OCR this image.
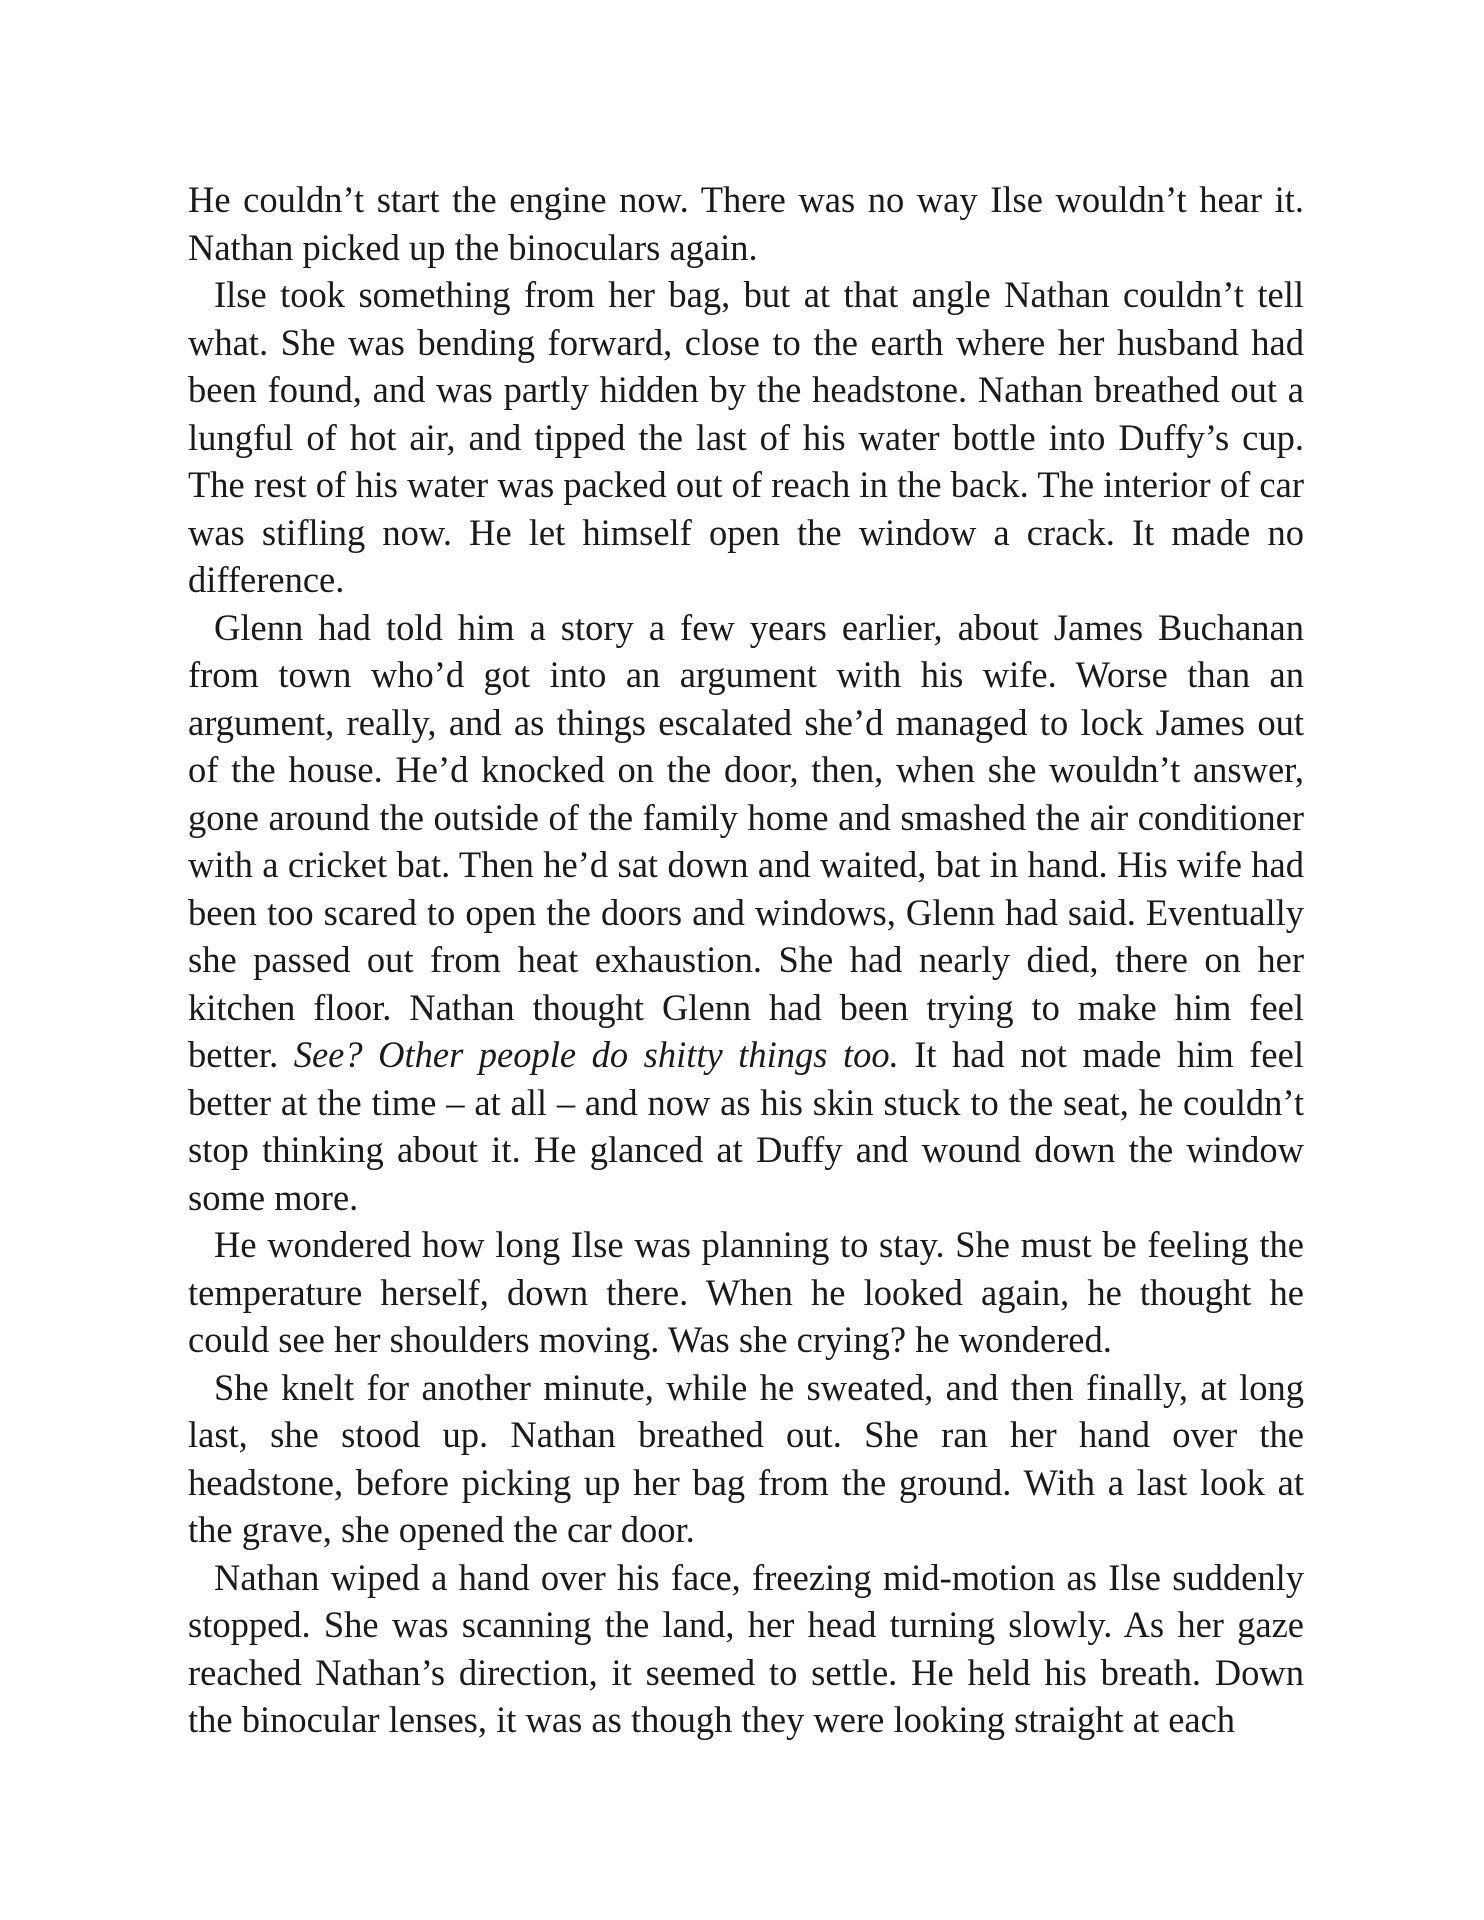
He couldn’t start the engine now. There was no way Ilse wouldn’t hear it. Nathan picked up the binoculars again.

Ilse took something from her bag, but at that angle Nathan couldn’t tell what. She was bending forward, close to the earth where her husband had been found, and was partly hidden by the headstone. Nathan breathed out a lungful of hot air, and tipped the last of his water bottle into Duffy’s cup. The rest of his water was packed out of reach in the back. The interior of car was stifling now. He let himself open the window a crack. It made no difference.

Glenn had told him a story a few years earlier, about James Buchanan from town who’d got into an argument with his wife. Worse than an argument, really, and as things escalated she’d managed to lock James out of the house. He’d knocked on the door, then, when she wouldn’t answer, gone around the outside of the family home and smashed the air conditioner with a cricket bat. Then he’d sat down and waited, bat in hand. His wife had been too scared to open the doors and windows, Glenn had said. Eventually she passed out from heat exhaustion. She had nearly died, there on her kitchen floor. Nathan thought Glenn had been trying to make him feel better. See? Other people do shitty things too. It had not made him feel better at the time – at all – and now as his skin stuck to the seat, he couldn’t stop thinking about it. He glanced at Duffy and wound down the window some more.

He wondered how long Ilse was planning to stay. She must be feeling the temperature herself, down there. When he looked again, he thought he could see her shoulders moving. Was she crying? he wondered.

She knelt for another minute, while he sweated, and then finally, at long last, she stood up. Nathan breathed out. She ran her hand over the headstone, before picking up her bag from the ground. With a last look at the grave, she opened the car door.

Nathan wiped a hand over his face, freezing mid-motion as Ilse suddenly stopped. She was scanning the land, her head turning slowly. As her gaze reached Nathan’s direction, it seemed to settle. He held his breath. Down the binocular lenses, it was as though they were looking straight at each
